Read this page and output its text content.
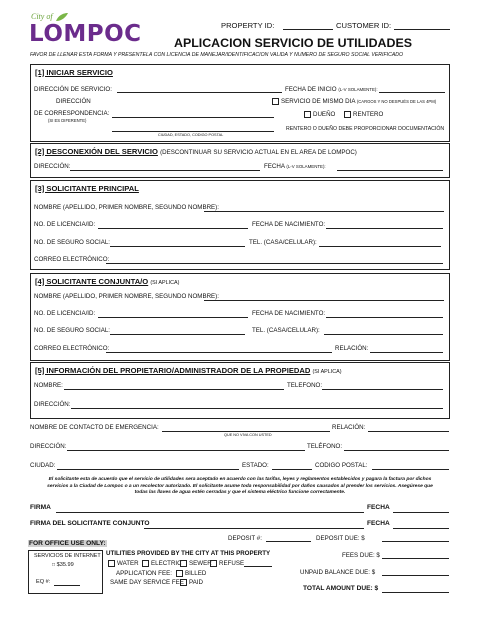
City of
LOMPOC	PROPERTY ID:	CUSTOMER ID:
APLICACION SERVICIO DE UTILIDADES
FAVOR DE LLENAR ESTA FORMA Y PRESENTELA CON LICENCIA DE MANEJAR/IDENTIFICACION VALIDA Y NUMERO DE SEGURO SOCIAL VERIFICADO
[1] INICIAR SERVICIO
DIRECCIÓN DE SERVICIO:	FECHA DE INICIO (L-V SOLAMENTE):
DIRECCIÓN	SERVICIO DE MISMO DIA (CARGOS Y NO DESPUÉS DE LAS 4PM)
DE CORRESPONDENCIA:	DUEÑO	RENTERO
(SI ES DIFERENTE)
CIUDAD, ESTADO, CODIGO POSTAL
RENTERO O DUEÑO DEBE PROPORCIONAR DOCUMENTACIÓN
[2] DESCONEXIÓN DEL SERVICIO (DESCONTINUAR SU SERVICIO ACTUAL EN EL AREA DE LOMPOC)
DIRECCIÓN:	FECHA (L-V SOLAMENTE):
[3] SOLICITANTE PRINCIPAL
NOMBRE (APELLIDO, PRIMER NOMBRE, SEGUNDO NOMBRE):
NO. DE LICENCIA/ID:	FECHA DE NACIMIENTO:
NO. DE SEGURO SOCIAL:	TEL. (CASA/CELULAR):
CORREO ELECTRÓNICO:
[4] SOLICITANTE CONJUNTA/O (SI APLICA)
NOMBRE (APELLIDO, PRIMER NOMBRE, SEGUNDO NOMBRE):
NO. DE LICENCIA/ID:	FECHA DE NACIMIENTO:
NO. DE SEGURO SOCIAL:	TEL. (CASA/CELULAR):
CORREO ELECTRÓNICO:	RELACIÓN:
[5] INFORMACIÓN DEL PROPIETARIO/ADMINISTRADOR DE LA PROPIEDAD (SI APLICA)
NOMBRE:	TELEFONO:
DIRECCIÓN:
NOMBRE DE CONTACTO DE EMERGENCIA:
QUE NO VIVA CON USTED
RELACIÓN:
DIRECCIÓN:	TELÉFONO:
CIUDAD:	ESTADO:	CODIGO POSTAL:
El solicitante esta de acuerdo que el servicio de utilidades sera aceptado en acuerdo con las tarifas, leyes y reglamentos establecidos y pagara la factura por dichos
servicios a la Ciudad de Lompoc o a un recolector autorizado. El solicitante asume toda responsabilidad por daños causados al prender los servicios. Asegúrese que
todas las llaves de agua estén cerradas y que el sistema eléctrico funcione correctamente.
FIRMA	FECHA
FIRMA DEL SOLICITANTE CONJUNTO	FECHA
FOR OFFICE USE ONLY:
DEPOSIT #:
SERVICIOS DE INTERNET
□ $35.99
EQ #:
UTILITIES PROVIDED BY THE CITY AT THIS PROPERTY
WATER	ELECTRIC	SEWER	REFUSE
APPLICATION FEE:	BILLED
SAME DAY SERVICE FEE PAID
DEPOSIT DUE: $
FEES DUE: $
UNPAID BALANCE DUE: $
TOTAL AMOUNT DUE: $
